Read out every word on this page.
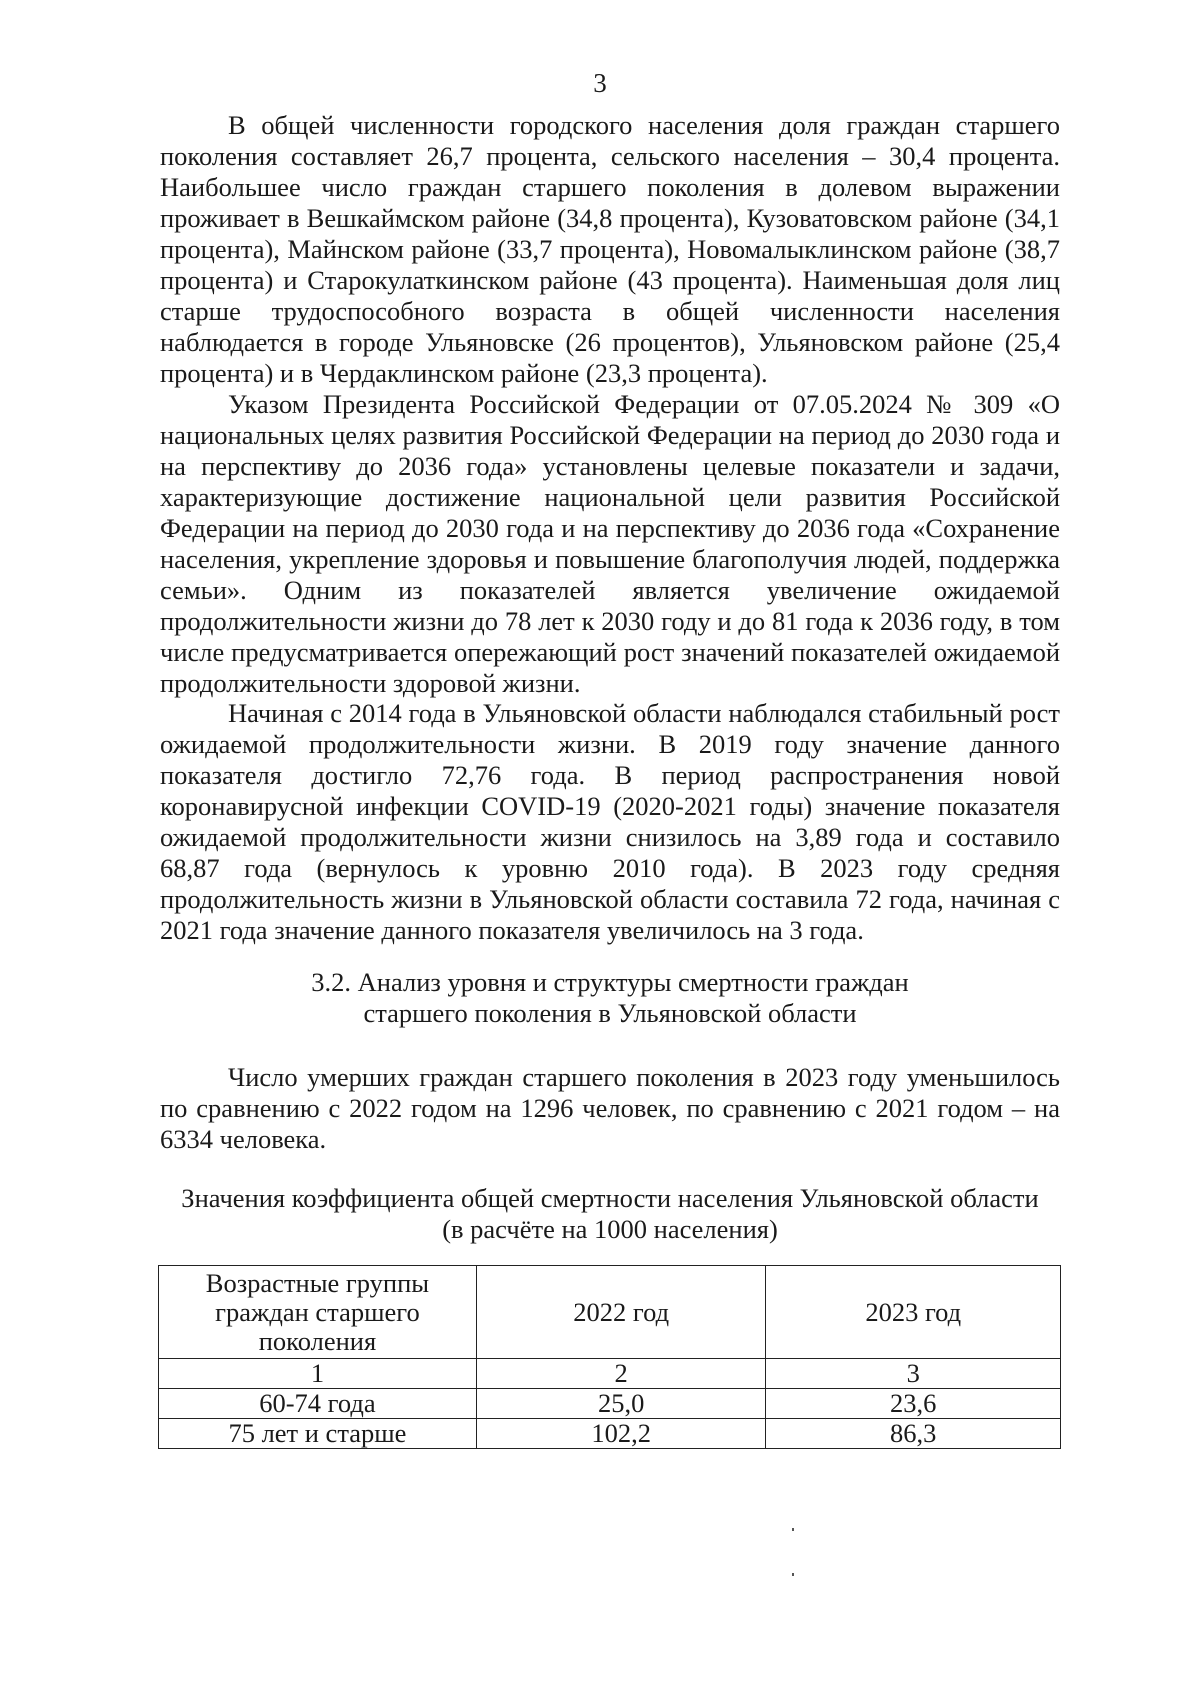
3

В общей численности городского населения доля граждан старшего поколения составляет 26,7 процента, сельского населения – 30,4 процента. Наибольшее число граждан старшего поколения в долевом выражении проживает в Вешкаймском районе (34,8 процента), Кузоватовском районе (34,1 процента), Майнском районе (33,7 процента), Новомалыклинском районе (38,7 процента) и Старокулаткинском районе (43 процента). Наименьшая доля лиц старше трудоспособного возраста в общей численности населения наблюдается в городе Ульяновске (26 процентов), Ульяновском районе (25,4 процента) и в Чердаклинском районе (23,3 процента).

Указом Президента Российской Федерации от 07.05.2024 № 309 «О национальных целях развития Российской Федерации на период до 2030 года и на перспективу до 2036 года» установлены целевые показатели и задачи, характеризующие достижение национальной цели развития Российской Федерации на период до 2030 года и на перспективу до 2036 года «Сохранение населения, укрепление здоровья и повышение благополучия людей, поддержка семьи». Одним из показателей является увеличение ожидаемой продолжительности жизни до 78 лет к 2030 году и до 81 года к 2036 году, в том числе предусматривается опережающий рост значений показателей ожидаемой продолжительности здоровой жизни.

Начиная с 2014 года в Ульяновской области наблюдался стабильный рост ожидаемой продолжительности жизни. В 2019 году значение данного показателя достигло 72,76 года. В период распространения новой коронавирусной инфекции COVID-19 (2020-2021 годы) значение показателя ожидаемой продолжительности жизни снизилось на 3,89 года и составило 68,87 года (вернулось к уровню 2010 года). В 2023 году средняя продолжительность жизни в Ульяновской области составила 72 года, начиная с 2021 года значение данного показателя увеличилось на 3 года.

3.2. Анализ уровня и структуры смертности граждан
старшего поколения в Ульяновской области

Число умерших граждан старшего поколения в 2023 году уменьшилось по сравнению с 2022 годом на 1296 человек, по сравнению с 2021 годом – на 6334 человека.

Значения коэффициента общей смертности населения Ульяновской области
(в расчёте на 1000 населения)
Возрастные группы
граждан старшего
поколения	2022 год	2023 год
1	2	3
60-74 года	25,0	23,6
75 лет и старше	102,2	86,3
